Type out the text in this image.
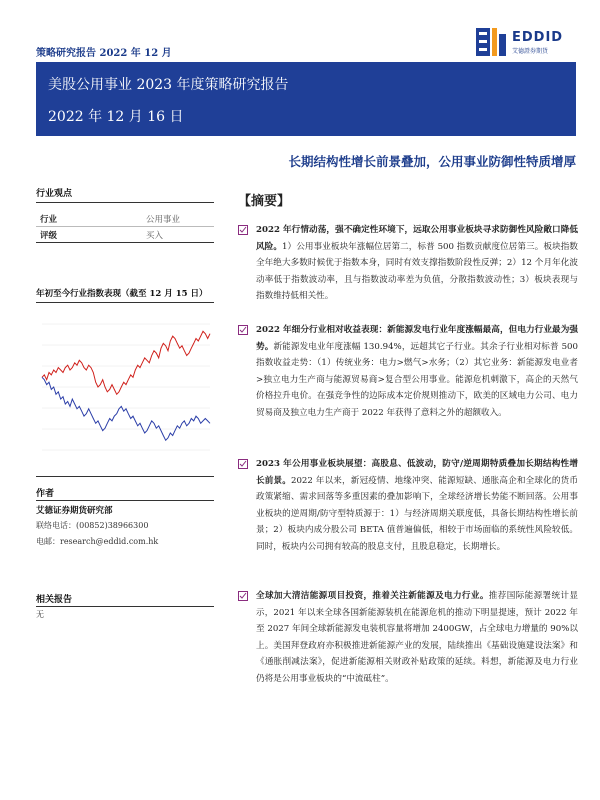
策略研究报告 2022 年 12 月
EDDID
艾德證券期貨
美股公用事业 2023 年度策略研究报告
2022 年 12 月 16 日
长期结构性增长前景叠加，公用事业防御性特质增厚
行业观点
行业	公用事业
评级	买入
年初至今行业指数表现（截至 12 月 15 日）
作者
艾德证券期货研究部
联络电话：(00852)38966300
电邮：research@eddid.com.hk
相关报告
无
【摘要】
2022 年行情动荡，强不确定性环境下，远取公用事业板块寻求防御性风险敞口降低风险。1）公用事业板块年涨幅位居第二，标普 500 指数贡献度位居第三。板块指数全年绝大多数时候优于指数本身，同时有效支撑指数阶段性反弹；2）12 个月年化波动率低于指数波动率，且与指数波动率差为负值，分散指数波动性；3）板块表现与指数维持低相关性。
2022 年细分行业相对收益表现：新能源发电行业年度涨幅最高，但电力行业最为强势。新能源发电业年度涨幅 130.94%，远超其它子行业。其余子行业相对标普 500 指数收益走势：（1）传统业务：电力>燃气>水务；（2）其它业务：新能源发电业者>独立电力生产商与能源贸易商>复合型公用事业。能源危机刺激下，高企的天然气价格拉升电价。在强竞争性的边际成本定价规则推动下，欧美的区域电力公司、电力贸易商及独立电力生产商于 2022 年获得了意料之外的超额收入。
2023 年公用事业板块展望：高股息、低波动，防守/逆周期特质叠加长期结构性增长前景。2022 年以来，新冠疫情、地缘冲突、能源短缺、通胀高企和全球化的货币政策紧缩、需求回落等多重因素的叠加影响下，全球经济增长势能不断回落。公用事业板块的逆周期/防守型特质源于：1）与经济周期关联度低，具备长期结构性增长前景；2）板块内成分股公司 BETA 值普遍偏低，相较于市场面临的系统性风险较低。同时，板块内公司拥有较高的股息支付，且股息稳定，长期增长。
全球加大清洁能源项目投资，推着关注新能源及电力行业。推荐国际能源署统计显示，2021 年以来全球各国新能源装机在能源危机的推动下明显提速，预计 2022 年至 2027 年间全球新能源发电装机容量将增加 2400GW，占全球电力增量的 90%以上。美国拜登政府亦积极推进新能源产业的发展，陆续推出《基础设施建设法案》和《通胀削减法案》，促进新能源相关财政补贴政策的延续。料想，新能源及电力行业仍将是公用事业板块的“中流砥柱”。
